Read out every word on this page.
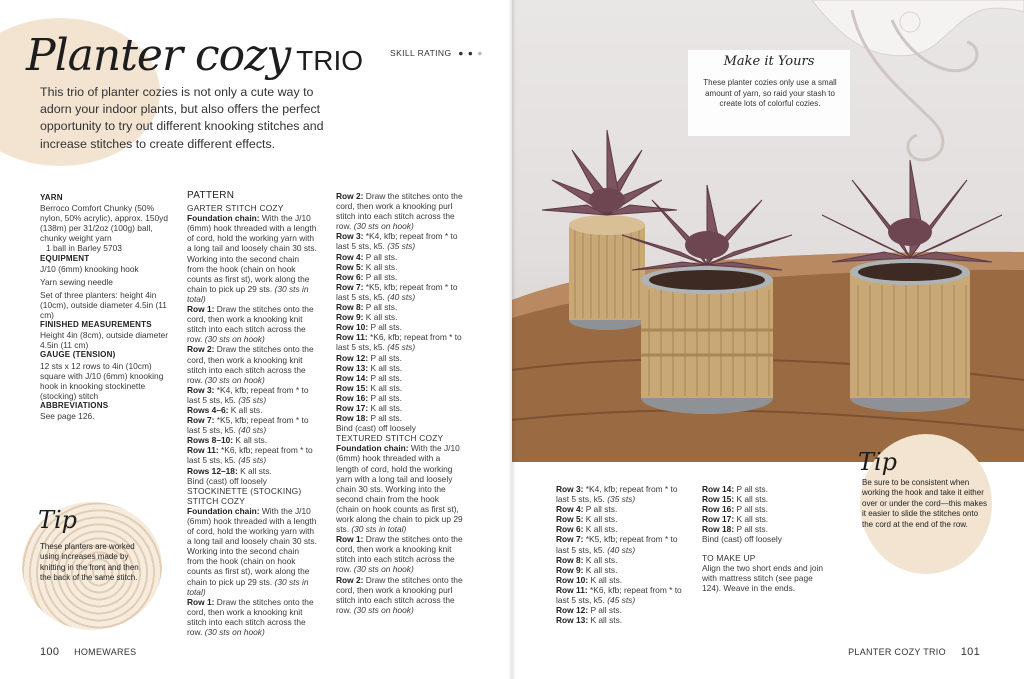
Planter cozy TRIO	SKILL RATING ● ● ●

This trio of planter cozies is not only a cute way to adorn your indoor plants, but also offers the perfect opportunity to try out different knooking stitches and increase stitches to create different effects.

YARN

Berroco Comfort Chunky (50% nylon, 50% acrylic), approx. 150yd (138m) per 31/2oz (100g) ball, chunky weight yarn

1 ball in Barley 5703

EQUIPMENT

J/10 (6mm) knooking hook

Yarn sewing needle

Set of three planters: height 4in (10cm), outside diameter 4.5in (11 cm)

FINISHED MEASUREMENTS

Height 4in (8cm), outside diameter 4.5in (11 cm)

GAUGE (TENSION)

12 sts x 12 rows to 4in (10cm) square with J/10 (6mm) knooking hook in knooking stockinette (stocking) stitch

ABBREVIATIONS

See page 126.

PATTERN

GARTER STITCH COZY

Foundation chain: With the J/10 (6mm) hook threaded with a length of cord, hold the working yarn with a long tail and loosely chain 30 sts. Working into the second chain from the hook (chain on hook counts as first st), work along the chain to pick up 29 sts. (30 sts in total)

Row 1: Draw the stitches onto the cord, then work a knooking knit stitch into each stitch across the row. (30 sts on hook)

Row 2: Draw the stitches onto the cord, then work a knooking knit stitch into each stitch across the row. (30 sts on hook)

Row 3: *K4, kfb; repeat from * to last 5 sts, k5. (35 sts)

Rows 4–6: K all sts.

Row 7: *K5, kfb; repeat from * to last 5 sts, k5. (40 sts)

Rows 8–10: K all sts.

Row 11: *K6, kfb; repeat from * to last 5 sts, k5. (45 sts)

Rows 12–18: K all sts.

Bind (cast) off loosely

STOCKINETTE (STOCKING) STITCH COZY

Foundation chain: With the J/10 (6mm) hook threaded with a length of cord, hold the working yarn with a long tail and loosely chain 30 sts. Working into the second chain from the hook (chain on hook counts as first st), work along the chain to pick up 29 sts. (30 sts in total)

Row 1: Draw the stitches onto the cord, then work a knooking knit stitch into each stitch across the row. (30 sts on hook)

Row 2: Draw the stitches onto the cord, then work a knooking purl stitch into each stitch across the row. (30 sts on hook)

Row 3: *K4, kfb; repeat from * to last 5 sts, k5. (35 sts)

Row 4: P all sts.

Row 5: K all sts.

Row 6: P all sts.

Row 7: *K5, kfb; repeat from * to last 5 sts, k5. (40 sts)

Row 8: P all sts.

Row 9: K all sts.

Row 10: P all sts.

Row 11: *K6, kfb; repeat from * to last 5 sts, k5. (45 sts)

Row 12: P all sts.

Row 13: K all sts.

Row 14: P all sts.

Row 15: K all sts.

Row 16: P all sts.

Row 17: K all sts.

Row 18: P all sts.

Bind (cast) off loosely

TEXTURED STITCH COZY

Foundation chain: With the J/10 (6mm) hook threaded with a length of cord, hold the working yarn with a long tail and loosely chain 30 sts. Working into the second chain from the hook (chain on hook counts as first st), work along the chain to pick up 29 sts. (30 sts in total)

Row 1: Draw the stitches onto the cord, then work a knooking knit stitch into each stitch across the row. (30 sts on hook)

Row 2: Draw the stitches onto the cord, then work a knooking purl stitch into each stitch across the row. (30 sts on hook)

Tip

These planters are worked using increases made by knitting in the front and then the back of the same stitch.

100 HOMEWARES
Make it Yours

These planter cozies only use a small amount of yarn, so raid your stash to create lots of colorful cozies.

Row 3: *K4, kfb; repeat from * to last 5 sts, k5. (35 sts)

Row 4: P all sts.

Row 5: K all sts.

Row 6: K all sts.

Row 7: *K5, kfb; repeat from * to last 5 sts, k5. (40 sts)

Row 8: K all sts.

Row 9: K all sts.

Row 10: K all sts.

Row 11: *K6, kfb; repeat from * to last 5 sts, k5. (45 sts)

Row 12: P all sts.

Row 13: K all sts.

Row 14: P all sts.

Row 15: K all sts.

Row 16: P all sts.

Row 17: K all sts.

Row 18: P all sts.

Bind (cast) off loosely

TO MAKE UP

Align the two short ends and join with mattress stitch (see page 124). Weave in the ends.

Tip

Be sure to be consistent when working the hook and take it either over or under the cord—this makes it easier to slide the stitches onto the cord at the end of the row.

PLANTER COZY TRIO 101
